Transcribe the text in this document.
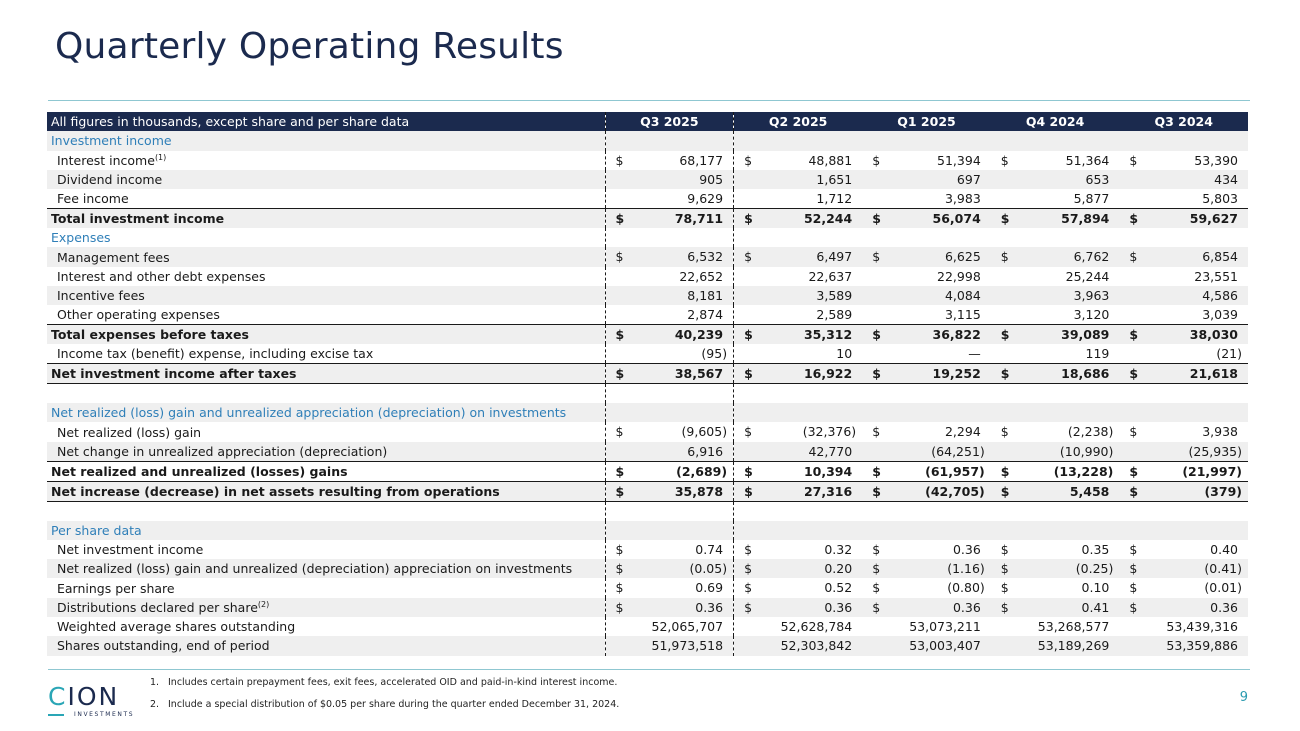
Quarterly Operating Results
All figures in thousands, except share and per share data	Q3 2025	Q2 2025	Q1 2025	Q4 2024	Q3 2024
Investment income					
Interest income$^{(1)}$	$ 68,177	$ 48,881	$ 51,394	$ 51,364	$ 53,390

Dividend income	905	1,651	697	653	434

Fee income	9,629	1,712	3,983	5,877	5,803

Total investment income	$ 78,711	$ 52,244	$ 56,074	$ 57,894	$ 59,627

Expenses					
Management fees	$ 6,532	$ 6,497	$ 6,625	$ 6,762	$ 6,854

Interest and other debt expenses	22,652	22,637	22,998	25,244	23,551

Incentive fees	8,181	3,589	4,084	3,963	4,586

Other operating expenses	2,874	2,589	3,115	3,120	3,039

Total expenses before taxes	$ 40,239	$ 35,312	$ 36,822	$ 39,089	$ 38,030

Income tax (benefit) expense, including excise tax	(95)	10	—	119	(21)

Net investment income after taxes	$ 38,567	$ 16,922	$ 19,252	$ 18,686	$ 21,618

Net realized (loss) gain and unrealized appreciation (depreciation) on investments					
Net realized (loss) gain	$ (9,605)	$ (32,376)	$ 2,294	$ (2,238)	$ 3,938

Net change in unrealized appreciation (depreciation)	6,916	42,770	(64,251)	(10,990)	(25,935)

Net realized and unrealized (losses) gains	$ (2,689)	$ 10,394	$ (61,957)	$ (13,228)	$ (21,997)

Net increase (decrease) in net assets resulting from operations	$ 35,878	$ 27,316	$ (42,705)	$ 5,458	$ (379)

Per share data					
Net investment income	$ 0.74	$ 0.32	$ 0.36	$ 0.35	$ 0.40

Net realized (loss) gain and unrealized (depreciation) appreciation on investments	$ (0.05)	$ 0.20	$ (1.16)	$ (0.25)	$ (0.41)

Earnings per share	$ 0.69	$ 0.52	$ (0.80)	$ 0.10	$ (0.01)

Distributions declared per share$^{(2)}$	$ 0.36	$ 0.36	$ 0.36	$ 0.41	$ 0.36

Weighted average shares outstanding	52,065,707	52,628,784	53,073,211	53,268,577	53,439,316

Shares outstanding, end of period	51,973,518	52,303,842	53,003,407	53,189,269	53,359,886
C ION
INVESTMENTS
1. Includes certain prepayment fees, exit fees, accelerated OID and paid-in-kind interest income.
2. Include a special distribution of $0.05 per share during the quarter ended December 31, 2024.	9
